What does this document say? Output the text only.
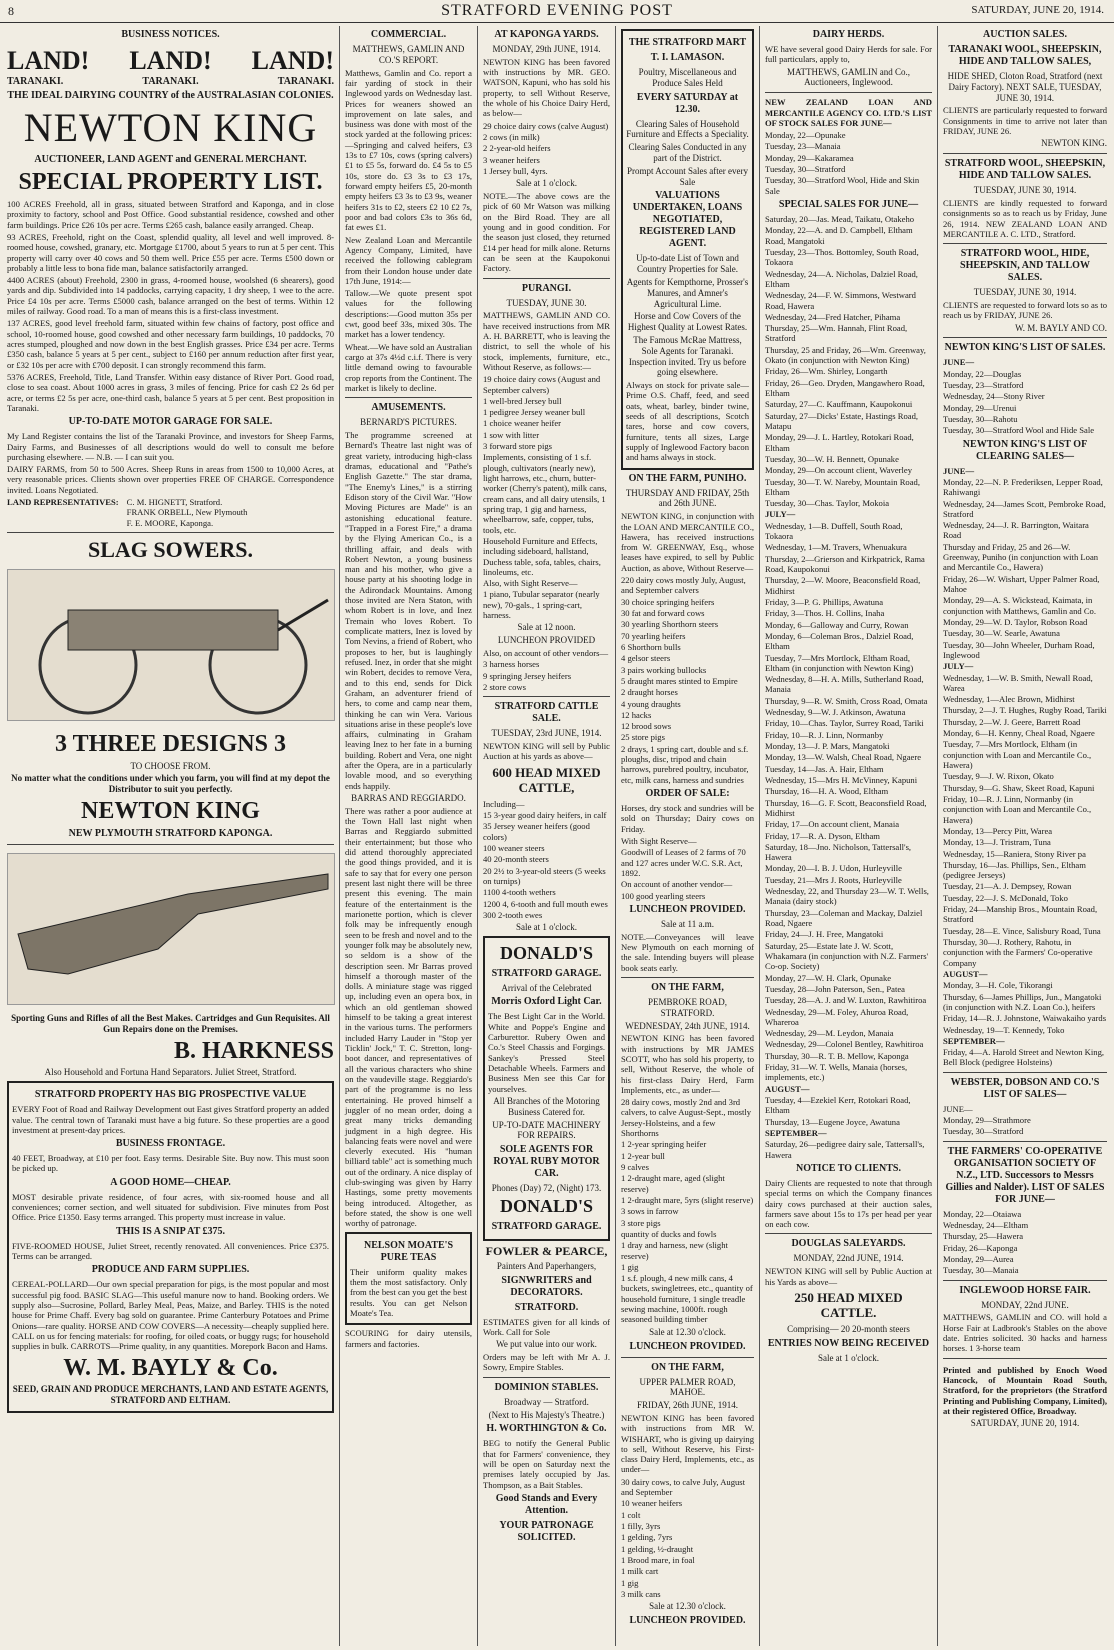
8	STRATFORD EVENING POST	SATURDAY, JUNE 20, 1914.
BUSINESS NOTICES.
LAND! LAND! LAND!
TARANAKI.	TARANAKI.	TARANAKI.
THE IDEAL DAIRYING COUNTRY of the AUSTRALASIAN COLONIES.
NEWTON KING
AUCTIONEER, LAND AGENT and GENERAL MERCHANT.
SPECIAL PROPERTY LIST.
100 ACRES Freehold, all in grass, situated between Stratford and Kaponga, and in close proximity to factory, school and Post Office. Good substantial residence, cowshed and other farm buildings. Price £26 10s per acre. Terms £265 cash, balance easily arranged. Cheap.
93 ACRES, Freehold, right on the Coast, splendid quality, all level and well improved. 8-roomed house, cowshed, granary, etc. Mortgage £1700, about 5 years to run at 5 per cent. This property will carry over 40 cows and 50 them well. Price £55 per acre. Terms £500 down or probably a little less to bona fide man, balance satisfactorily arranged.
4400 ACRES (about) Freehold, 2300 in grass, 4-roomed house, woolshed (6 shearers), good yards and dip. Subdivided into 14 paddocks, carrying capacity, 1 dry sheep, 1 wee to the acre. Price £4 10s per acre. Terms £5000 cash, balance arranged on the best of terms. Within 12 miles of railway. Good road. To a man of means this is a first-class investment.
137 ACRES, good level freehold farm, situated within few chains of factory, post office and school, 10-roomed house, good cowshed and other necessary farm buildings, 10 paddocks, 70 acres stumped, ploughed and now down in the best English grasses. Price £34 per acre. Terms £350 cash, balance 5 years at 5 per cent., subject to £160 per annum reduction after first year, or £32 10s per acre with £700 deposit. I can strongly recommend this farm.
5376 ACRES, Freehold, Title, Land Transfer. Within easy distance of River Port. Good road, close to sea coast. About 1000 acres in grass, 3 miles of fencing. Price for cash £2 2s 6d per acre, or terms £2 5s per acre, one-third cash, balance 5 years at 5 per cent. Best proposition in Taranaki.
UP-TO-DATE MOTOR GARAGE FOR SALE.
My Land Register contains the list of the Taranaki Province, and investors for Sheep Farms, Dairy Farms, and Businesses of all descriptions would do well to consult me before purchasing elsewhere. — N.B. — I can suit you.
DAIRY FARMS, from 50 to 500 Acres. Sheep Runs in areas from 1500 to 10,000 Acres, at very reasonable prices. Clients shown over properties FREE OF CHARGE. Correspondence invited. Loans Negotiated.
LAND REPRESENTATIVES: C. M. HIGNETT, Stratford.
FRANK ORBELL, New Plymouth
F. E. MOORE, Kaponga.
SLAG SOWERS.
3 THREE DESIGNS 3
TO CHOOSE FROM.
No matter what the conditions under which you farm, you will find at my depot the Distributor to suit you perfectly.
NEWTON KING
NEW PLYMOUTH STRATFORD KAPONGA.
Sporting Guns and Rifles of all the Best Makes. Cartridges and Gun Requisites. All Gun Repairs done on the Premises.
B. HARKNESS
Also Household and Fortuna Hand Separators. Juliet Street, Stratford.
STRATFORD PROPERTY HAS BIG PROSPECTIVE VALUE
EVERY Foot of Road and Railway Development out East gives Stratford property an added value. The central town of Taranaki must have a big future. So these properties are a good investment at present-day prices.
BUSINESS FRONTAGE.
40 FEET, Broadway, at £10 per foot. Easy terms. Desirable Site. Buy now. This must soon be picked up.
A GOOD HOME—CHEAP.
MOST desirable private residence, of four acres, with six-roomed house and all conveniences; corner section, and well situated for subdivision. Five minutes from Post Office. Price £1350. Easy terms arranged. This property must increase in value.
THIS IS A SNIP AT £375.
FIVE-ROOMED HOUSE, Juliet Street, recently renovated. All conveniences. Price £375. Terms can be arranged.
PRODUCE AND FARM SUPPLIES.
CEREAL-POLLARD—Our own special preparation for pigs, is the most popular and most successful pig food. BASIC SLAG—This useful manure now to hand. Booking orders. We supply also—Sucrosine, Pollard, Barley Meal, Peas, Maize, and Barley. THIS is the noted house for Prime Chaff. Every bag sold on guarantee. Prime Canterbury Potatoes and Prime Onions—rare quality. HORSE AND COW COVERS—A necessity—cheaply supplied here. CALL on us for fencing materials: for roofing, for oiled coats, or buggy rugs; for household supplies in bulk. CARROTS—Prime quality, in any quantities. Morepork Bacon and Hams.
W. M. BAYLY & Co.
SEED, GRAIN AND PRODUCE MERCHANTS, LAND AND ESTATE AGENTS, STRATFORD AND ELTHAM.
COMMERCIAL.
MATTHEWS, GAMLIN AND CO.'S REPORT.
Matthews, Gamlin and Co. report a fair yarding of stock in their Inglewood yards on Wednesday last. Prices for weaners showed an improvement on late sales, and business was done with most of the stock yarded at the following prices:—Springing and calved heifers, £3 13s to £7 10s, cows (spring calvers) £1 to £5 5s, forward do. £4 5s to £5 10s, store do. £3 3s to £3 17s, forward empty heifers £5, 20-month empty heifers £3 3s to £3 9s, weaner heifers 31s to £2, steers £2 10 £2 7s, poor and bad colors £3s to 36s 6d, fat ewes £1.
New Zealand Loan and Mercantile Agency Company, Limited, have received the following cablegram from their London house under date 17th June, 1914:—
Tallow.—We quote present spot values for the following descriptions:—Good mutton 35s per cwt, good beef 33s, mixed 30s. The market has a lower tendency.
Wheat.—We have sold an Australian cargo at 37s 4½d c.i.f. There is very little demand owing to favourable crop reports from the Continent. The market is likely to decline.
AMUSEMENTS.
BERNARD'S PICTURES.
The programme screened at Bernard's Theatre last night was of great variety, introducing high-class dramas, educational and "Pathe's English Gazette." The star drama, "The Enemy's Lines," is a stirring Edison story of the Civil War. "How Moving Pictures are Made" is an astonishing educational feature. "Trapped in a Forest Fire," a drama by the Flying American Co., is a thrilling affair, and deals with Robert Newton, a young business man and his mother, who give a house party at his shooting lodge in the Adirondack Mountains. Among those invited are Nera Staton, with whom Robert is in love, and Inez Tremain who loves Robert. To complicate matters, Inez is loved by Tom Nevins, a friend of Robert, who proposes to her, but is laughingly refused. Inez, in order that she might win Robert, decides to remove Vera, and to this end, sends for Dick Graham, an adventurer friend of hers, to come and camp near them, thinking he can win Vera. Various situations arise in these people's love affairs, culminating in Graham leaving Inez to her fate in a burning building. Robert and Vera, one night after the Opera, are in a particularly lovable mood, and so everything ends happily.
BARRAS AND REGGIARDO.
There was rather a poor audience at the Town Hall last night when Barras and Reggiardo submitted their entertainment; but those who did attend thoroughly appreciated the good things provided, and it is safe to say that for every one person present last night there will be three present this evening. The main feature of the entertainment is the marionette portion, which is clever folk may be infrequently enough seen to be fresh and novel and to the younger folk may be absolutely new, so seldom is a show of the description seen. Mr Barras proved himself a thorough master of the dolls. A miniature stage was rigged up, including even an opera box, in which an old gentleman showed himself to be taking a great interest in the various turns. The performers included Harry Lauder in "Stop yer Ticklin' Jock," T. C. Stretton, long-boot dancer, and representatives of all the various characters who shine on the vaudeville stage. Reggiardo's part of the programme is no less entertaining. He proved himself a juggler of no mean order, doing a great many tricks demanding judgment in a high degree. His balancing feats were novel and were cleverly executed. His "human billiard table" act is something much out of the ordinary. A nice display of club-swinging was given by Harry Hastings, some pretty movements being introduced. Altogether, as before stated, the show is one well worthy of patronage.
NELSON MOATE'S PURE TEAS
Their uniform quality makes them the most satisfactory. Only from the best can you get the best results. You can get Nelson Moate's Tea.
SCOURING for dairy utensils, farmers and factories.
AT KAPONGA YARDS.
MONDAY, 29th JUNE, 1914.
NEWTON KING has been favored with instructions by MR. GEO. WATSON, Kapuni, who has sold his property, to sell Without Reserve, the whole of his Choice Dairy Herd, as below—
29 choice dairy cows (calve August)
2 cows (in milk)
2 2-year-old heifers
3 weaner heifers
1 Jersey bull, 4yrs.
Sale at 1 o'clock.
NOTE.—The above cows are the pick of 60 Mr Watson was milking on the Bird Road. They are all young and in good condition. For the season just closed, they returned £14 per head for milk alone. Returns can be seen at the Kaupokonui Factory.
PURANGI.
TUESDAY, JUNE 30.
MATTHEWS, GAMLIN AND CO. have received instructions from MR A. H. BARRETT, who is leaving the district, to sell the whole of his stock, implements, furniture, etc., Without Reserve, as follows:—
19 choice dairy cows (August and September calvers)
1 well-bred Jersey bull
1 pedigree Jersey weaner bull
1 choice weaner heifer
1 sow with litter
3 forward store pigs
Implements, consisting of 1 s.f. plough, cultivators (nearly new), light harrows, etc., churn, butter-worker (Cherry's patent), milk cans, cream cans, and all dairy utensils, 1 spring trap, 1 gig and harness, wheelbarrow, safe, copper, tubs, tools, etc.
Household Furniture and Effects, including sideboard, hallstand, Duchess table, sofa, tables, chairs, linoleums, etc.
Also, with Sight Reserve—
1 piano, Tubular separator (nearly new), 70-gals., 1 spring-cart, harness.
Sale at 12 noon.
LUNCHEON PROVIDED
Also, on account of other vendors—
3 harness horses
9 springing Jersey heifers
2 store cows
STRATFORD CATTLE SALE.
TUESDAY, 23rd JUNE, 1914.
NEWTON KING will sell by Public Auction at his yards as above—
600 HEAD MIXED CATTLE,
Including—
15 3-year good dairy heifers, in calf
35 Jersey weaner heifers (good colors)
100 weaner steers
40 20-month steers
20 2½ to 3-year-old steers (5 weeks on turnips)
1100 4-tooth wethers
1200 4, 6-tooth and full mouth ewes
300 2-tooth ewes
Sale at 1 o'clock.
DONALD'S
STRATFORD GARAGE.
Arrival of the Celebrated
Morris Oxford Light Car.
The Best Light Car in the World. White and Poppe's Engine and Carburettor. Rubery Owen and Co.'s Steel Chassis and Forgings. Sankey's Pressed Steel Detachable Wheels. Farmers and Business Men see this Car for yourselves.
All Branches of the Motoring Business Catered for.
UP-TO-DATE MACHINERY FOR REPAIRS.
SOLE AGENTS FOR ROYAL RUBY MOTOR CAR.
Phones (Day) 72, (Night) 173.
DONALD'S
STRATFORD GARAGE.
FOWLER & PEARCE,
Painters And Paperhangers,
SIGNWRITERS and DECORATORS.
STRATFORD.
ESTIMATES given for all kinds of Work. Call for Sole
We put value into our work.
Orders may be left with Mr A. J. Sowry, Empire Stables.
DOMINION STABLES.
Broadway — Stratford.
(Next to His Majesty's Theatre.)
H. WORTHINGTON & Co.
BEG to notify the General Public that for Farmers' convenience, they will be open on Saturday next the premises lately occupied by Jas. Thompson, as a Bait Stables.
Good Stands and Every Attention.
YOUR PATRONAGE SOLICITED.
THE STRATFORD MART
T. I. LAMASON.
Poultry, Miscellaneous and Produce Sales Held
EVERY SATURDAY at 12.30.
Clearing Sales of Household Furniture and Effects a Speciality.
Clearing Sales Conducted in any part of the District.
Prompt Account Sales after every Sale
VALUATIONS UNDERTAKEN, LOANS NEGOTIATED, REGISTERED LAND AGENT.
Up-to-date List of Town and Country Properties for Sale.
Agents for Kempthorne, Prosser's Manures, and Amner's Agricultural Lime.
Horse and Cow Covers of the Highest Quality at Lowest Rates.
The Famous McRae Mattress, Sole Agents for Taranaki. Inspection invited. Try us before going elsewhere.
Always on stock for private sale—Prime O.S. Chaff, feed, and seed oats, wheat, barley, binder twine, seeds of all descriptions, Scotch tares, horse and cow covers, furniture, tents all sizes, Large supply of Inglewood Factory bacon and hams always in stock.
ON THE FARM, PUNIHO.
THURSDAY AND FRIDAY, 25th and 26th JUNE.
NEWTON KING, in conjunction with the LOAN AND MERCANTILE CO., Hawera, has received instructions from W. GREENWAY, Esq., whose leases have expired, to sell by Public Auction, as above, Without Reserve—
220 dairy cows mostly July, August, and September calvers
30 choice springing heifers
30 fat and forward cows
30 yearling Shorthorn steers
70 yearling heifers
6 Shorthorn bulls
4 gelsor steers
3 pairs working bullocks
5 draught mares stinted to Empire
2 draught horses
4 young draughts
12 hacks
12 brood sows
25 store pigs
2 drays, 1 spring cart, double and s.f. ploughs, disc, tripod and chain harrows, purebred poultry, incubator, etc, milk cans, harness and sundries
ORDER OF SALE:
Horses, dry stock and sundries will be sold on Thursday; Dairy cows on Friday.
With Sight Reserve—
Goodwill of Leases of 2 farms of 70 and 127 acres under W.C. S.R. Act, 1892.
On account of another vendor—
100 good yearling steers
LUNCHEON PROVIDED.
Sale at 11 a.m.
NOTE.—Conveyances will leave New Plymouth on each morning of the sale. Intending buyers will please book seats early.
ON THE FARM,
PEMBROKE ROAD, STRATFORD.
WEDNESDAY, 24th JUNE, 1914.
NEWTON KING has been favored with instructions by MR JAMES SCOTT, who has sold his property, to sell, Without Reserve, the whole of his first-class Dairy Herd, Farm Implements, etc., as under—
28 dairy cows, mostly 2nd and 3rd calvers, to calve August-Sept., mostly Jersey-Holsteins, and a few Shorthorns
1 2-year springing heifer
1 2-year bull
9 calves
1 2-draught mare, aged (slight reserve)
1 2-draught mare, 5yrs (slight reserve)
3 sows in farrow
3 store pigs
quantity of ducks and fowls
1 dray and harness, new (slight reserve)
1 gig
1 s.f. plough, 4 new milk cans, 4 buckets, swingletrees, etc., quantity of household furniture, 1 single treadle sewing machine, 1000ft. rough seasoned building timber
Sale at 12.30 o'clock.
LUNCHEON PROVIDED.
ON THE FARM,
UPPER PALMER ROAD, MAHOE.
FRIDAY, 26th JUNE, 1914.
NEWTON KING has been favored with instructions from MR W. WISHART, who is giving up dairying to sell, Without Reserve, his First-class Dairy Herd, Implements, etc., as under—
30 dairy cows, to calve July, August and September
10 weaner heifers
1 colt
1 filly, 3yrs
1 gelding, 7yrs
1 gelding, ½-draught
1 Brood mare, in foal
1 milk cart
1 gig
3 milk cans
Sale at 12.30 o'clock.
LUNCHEON PROVIDED.
DAIRY HERDS.
WE have several good Dairy Herds for sale. For full particulars, apply to,
MATTHEWS, GAMLIN and Co., Auctioneers, Inglewood.
NEW ZEALAND LOAN AND MERCANTILE AGENCY CO. LTD.'S LIST OF STOCK SALES FOR JUNE—
Monday, 22—Opunake
Tuesday, 23—Manaia
Monday, 29—Kakaramea
Tuesday, 30—Stratford
Tuesday, 30—Stratford Wool, Hide and Skin Sale
SPECIAL SALES FOR JUNE—
Saturday, 20—Jas. Mead, Taikatu, Otakeho
Monday, 22—A. and D. Campbell, Eltham Road, Mangatoki
Tuesday, 23—Thos. Bottomley, South Road, Tokaora
Wednesday, 24—A. Nicholas, Dalziel Road, Eltham
Wednesday, 24—F. W. Simmons, Westward Road, Hawera
Wednesday, 24—Fred Hatcher, Pihama
Thursday, 25—Wm. Hannah, Flint Road, Stratford
Thursday, 25 and Friday, 26—Wm. Greenway, Okato (in conjunction with Newton King)
Friday, 26—Wm. Shirley, Longarth
Friday, 26—Geo. Dryden, Mangawhero Road, Eltham
Saturday, 27—C. Kauffmann, Kaupokonui
Saturday, 27—Dicks' Estate, Hastings Road, Matapu
Monday, 29—J. L. Hartley, Rotokari Road, Eltham
Tuesday, 30—W. H. Bennett, Opunake
Monday, 29—On account client, Waverley
Tuesday, 30—T. W. Nareby, Mountain Road, Eltham
Tuesday, 30—Chas. Taylor, Mokoia
JULY—
Wednesday, 1—B. Duffell, South Road, Tokaora
Wednesday, 1—M. Travers, Whenuakura
Thursday, 2—Grierson and Kirkpatrick, Rama Road, Kaupokonui
Thursday, 2—W. Moore, Beaconsfield Road, Midhirst
Friday, 3—P. G. Phillips, Awatuna
Friday, 3—Thos. H. Collins, Inaha
Monday, 6—Galloway and Curry, Rowan
Monday, 6—Coleman Bros., Dalziel Road, Eltham
Tuesday, 7—Mrs Mortlock, Eltham Road, Eltham (in conjunction with Newton King)
Wednesday, 8—H. A. Mills, Sutherland Road, Manaia
Thursday, 9—R. W. Smith, Cross Road, Omata
Wednesday, 9—W. J. Atkinson, Awatuna
Friday, 10—Chas. Taylor, Surrey Road, Tariki
Friday, 10—R. J. Linn, Normanby
Monday, 13—J. P. Mars, Mangatoki
Monday, 13—W. Walsh, Cheal Road, Ngaere
Tuesday, 14—Jas. A. Hair, Eltham
Wednesday, 15—Mrs H. McVinney, Kapuni
Thursday, 16—H. A. Wood, Eltham
Thursday, 16—G. F. Scott, Beaconsfield Road, Midhirst
Friday, 17—On account client, Manaia
Friday, 17—R. A. Dyson, Eltham
Saturday, 18—Jno. Nicholson, Tattersall's, Hawera
Monday, 20—I. B. J. Udon, Hurleyville
Tuesday, 21—Mrs J. Roots, Hurleyville
Wednesday, 22, and Thursday 23—W. T. Wells, Manaia (dairy stock)
Thursday, 23—Coleman and Mackay, Dalziel Road, Ngaere
Friday, 24—J. H. Free, Mangatoki
Saturday, 25—Estate late J. W. Scott, Whakamara (in conjunction with N.Z. Farmers' Co-op. Society)
Monday, 27—W. H. Clark, Opunake
Tuesday, 28—John Paterson, Sen., Patea
Tuesday, 28—A. J. and W. Luxton, Rawhitiroa
Wednesday, 29—M. Foley, Ahuroa Road, Whareroa
Wednesday, 29—M. Leydon, Manaia
Wednesday, 29—Colonel Bentley, Rawhitiroa
Thursday, 30—R. T. B. Mellow, Kaponga
Friday, 31—W. T. Wells, Manaia (horses, implements, etc.)
AUGUST—
Tuesday, 4—Ezekiel Kerr, Rotokari Road, Eltham
Thursday, 13—Eugene Joyce, Awatuna
SEPTEMBER—
Saturday, 26—pedigree dairy sale, Tattersall's, Hawera
NOTICE TO CLIENTS.
Dairy Clients are requested to note that through special terms on which the Company finances dairy cows purchased at their auction sales, farmers save about 15s to 17s per head per year on each cow.
DOUGLAS SALEYARDS.
MONDAY, 22nd JUNE, 1914.
NEWTON KING will sell by Public Auction at his Yards as above—
250 HEAD MIXED CATTLE.
Comprising— 20 20-month steers
ENTRIES NOW BEING RECEIVED
Sale at 1 o'clock.
AUCTION SALES.
TARANAKI WOOL, SHEEPSKIN, HIDE AND TALLOW SALES,
HIDE SHED, Cloton Road, Stratford (next Dairy Factory). NEXT SALE, TUESDAY, JUNE 30, 1914.
CLIENTS are particularly requested to forward Consignments in time to arrive not later than FRIDAY, JUNE 26.
NEWTON KING.
STRATFORD WOOL, SHEEPSKIN, HIDE AND TALLOW SALES.
TUESDAY, JUNE 30, 1914.
CLIENTS are kindly requested to forward consignments so as to reach us by Friday, June 26, 1914. NEW ZEALAND LOAN AND MERCANTILE A. C. LTD., Stratford.
STRATFORD WOOL, HIDE, SHEEPSKIN, AND TALLOW SALES.
TUESDAY, JUNE 30, 1914.
CLIENTS are requested to forward lots so as to reach us by FRIDAY, JUNE 26.
W. M. BAYLY AND CO.
NEWTON KING'S LIST OF SALES.
JUNE—
Monday, 22—Douglas
Tuesday, 23—Stratford
Wednesday, 24—Stony River
Monday, 29—Urenui
Tuesday, 30—Rahotu
Tuesday, 30—Stratford Wool and Hide Sale
NEWTON KING'S LIST OF CLEARING SALES—
JUNE—
Monday, 22—N. P. Frederiksen, Lepper Road, Rahiwangi
Wednesday, 24—James Scott, Pembroke Road, Stratford
Wednesday, 24—J. R. Barrington, Waitara Road
Thursday and Friday, 25 and 26—W. Greenway, Puniho (in conjunction with Loan and Mercantile Co., Hawera)
Friday, 26—W. Wishart, Upper Palmer Road, Mahoe
Monday, 29—A. S. Wickstead, Kaimata, in conjunction with Matthews, Gamlin and Co.
Monday, 29—W. D. Taylor, Robson Road
Tuesday, 30—W. Searle, Awatuna
Tuesday, 30—John Wheeler, Durham Road, Inglewood
JULY—
Wednesday, 1—W. B. Smith, Newall Road, Warea
Wednesday, 1—Alec Brown, Midhirst
Thursday, 2—J. T. Hughes, Rugby Road, Tariki
Thursday, 2—W. J. Geere, Barrett Road
Monday, 6—H. Kenny, Cheal Road, Ngaere
Tuesday, 7—Mrs Mortlock, Eltham (in conjunction with Loan and Mercantile Co., Hawera)
Tuesday, 9—J. W. Rixon, Okato
Thursday, 9—G. Shaw, Skeet Road, Kapuni
Friday, 10—R. J. Linn, Normanby (in conjunction with Loan and Mercantile Co., Hawera)
Monday, 13—Percy Pitt, Warea
Monday, 13—J. Tristram, Tuna
Wednesday, 15—Raniera, Stony River pa
Thursday, 16—Jas. Phillips, Sen., Eltham (pedigree Jerseys)
Tuesday, 21—A. J. Dempsey, Rowan
Tuesday, 22—J. S. McDonald, Toko
Friday, 24—Manship Bros., Mountain Road, Stratford
Tuesday, 28—E. Vince, Salisbury Road, Tuna
Thursday, 30—J. Rothery, Rahotu, in conjunction with the Farmers' Co-operative Company
AUGUST—
Monday, 3—H. Cole, Tikorangi
Thursday, 6—James Phillips, Jun., Mangatoki (in conjunction with N.Z. Loan Co.), heifers
Friday, 14—R. J. Johnstone, Waiwakaiho yards
Wednesday, 19—T. Kennedy, Toko
SEPTEMBER—
Friday, 4—A. Harold Street and Newton King, Bell Block (pedigree Holsteins)
WEBSTER, DOBSON AND CO.'S LIST OF SALES—
JUNE—
Monday, 29—Strathmore
Tuesday, 30—Stratford
THE FARMERS' CO-OPERATIVE ORGANISATION SOCIETY OF N.Z., LTD. Successors to Messrs Gillies and Nalder). LIST OF SALES FOR JUNE—
Monday, 22—Otaiawa
Wednesday, 24—Eltham
Thursday, 25—Hawera
Friday, 26—Kaponga
Monday, 29—Aurea
Tuesday, 30—Manaia
INGLEWOOD HORSE FAIR.
MONDAY, 22nd JUNE.
MATTHEWS, GAMLIN and CO. will hold a Horse Fair at Ladbrook's Stables on the above date. Entries solicited. 30 hacks and harness horses. 1 3-horse team
Printed and published by Enoch Wood Hancock, of Mountain Road South, Stratford, for the proprietors (the Stratford Printing and Publishing Company, Limited), at their registered Office, Broadway.
SATURDAY, JUNE 20, 1914.
